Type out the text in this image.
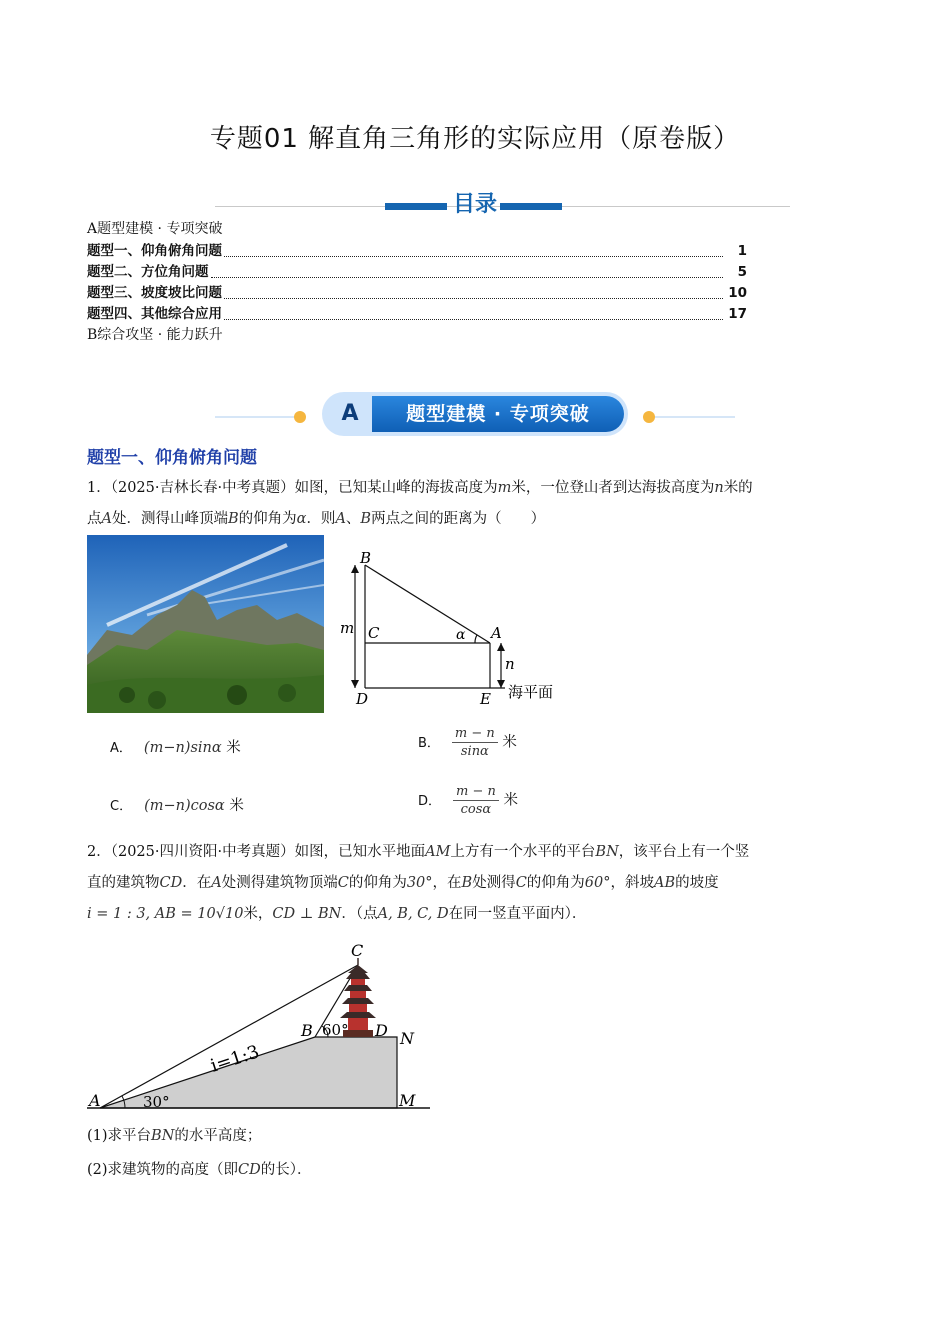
专题01 解直角三角形的实际应用（原卷版）
目录
A题型建模 · 专项突破
题型一、仰角俯角问题	1
题型二、方位角问题	5
题型三、坡度坡比问题	10
题型四、其他综合应用	17
B综合攻坚 · 能力跃升
A	题型建模 · 专项突破
题型一、仰角俯角问题
1．（2025·吉林长春·中考真题）如图，已知某山峰的海拔高度为m米，一位登山者到达海拔高度为n米的
点A处．测得山峰顶端B的仰角为α．则A、B两点之间的距离为（　　）
B
m C	α A
n
D	E 海平面
A． (m−n)sinα 米	B． $\frac{m - n}{\sin\alpha}$ 米
C． (m−n)cosα 米	D． $\frac{m - n}{\cos\alpha}$ 米
2．（2025·四川资阳·中考真题）如图，已知水平地面AM上方有一个水平的平台BN，该平台上有一个竖
直的建筑物CD．在A处测得建筑物顶端C的仰角为30°，在B处测得C的仰角为60°，斜坡AB的坡度
i = 1 : 3, AB = 10√10米，CD ⊥ BN．（点A, B, C, D在同一竖直平面内）．
C
B 60° D N
i=1:3
A	30°	M
(1)求平台BN的水平高度；
(2)求建筑物的高度（即CD的长）．
